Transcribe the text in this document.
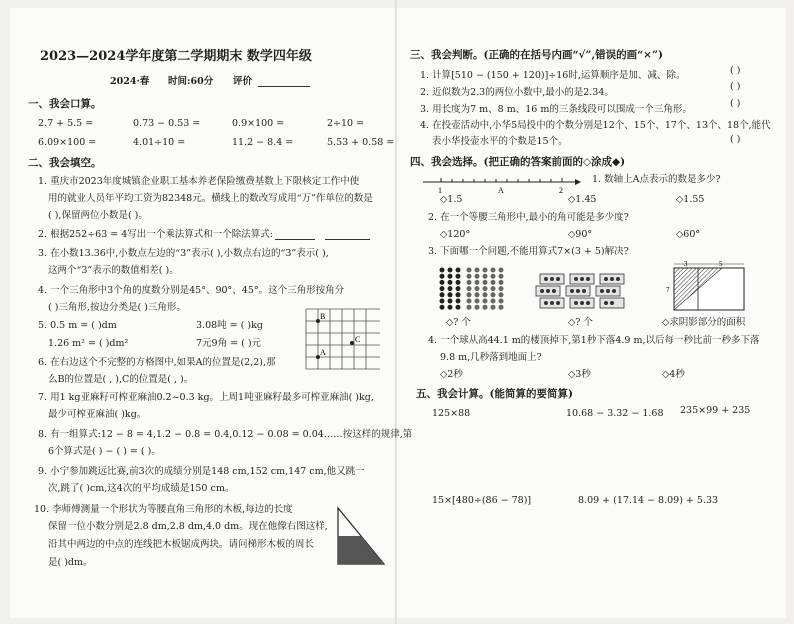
2023—2024学年度第二学期期末 数学四年级
2024·春 时间:60分 评价
一、我会口算。
2.7 + 5.5 =	0.73 − 0.53 =	0.9×100 =	2÷10 =
6.09×100 =	4.01÷10 =	11.2 − 8.4 =	5.53 + 0.58 =
二、我会填空。
1. 重庆市2023年度城镇企业职工基本养老保险缴费基数上下限核定工作中使
用的就业人员年平均工资为82348元。横线上的数改写成用“万”作单位的数是
( ),保留两位小数是( )。
2. 根据252÷63 = 4写出一个乘法算式和一个除法算式:
3. 在小数13.36中,小数点左边的“3”表示( ),小数点右边的“3”表示( ),
这两个“3”表示的数值相差( )。
4. 一个三角形中3个角的度数分别是45°、90°、45°。这个三角形按角分
( )三角形,按边分类是( )三角形。
5. 0.5 m = ( )dm	3.08吨 = ( )kg
1.26 m² = ( )dm²	7元9角 = ( )元
B
A
C
6. 在右边这个不完整的方格图中,如果A的位置是(2,2),那
么B的位置是( , ),C的位置是( , )。
7. 用1 kg亚麻籽可榨亚麻油0.2~0.3 kg。上周1吨亚麻籽最多可榨亚麻油( )kg,
最少可榨亚麻油( )kg。
8. 有一组算式:12 − 8 = 4,1.2 − 0.8 = 0.4,0.12 − 0.08 = 0.04……按这样的规律,第
6个算式是( ) − ( ) = ( )。
9. 小宁参加跳远比赛,前3次的成绩分别是148 cm,152 cm,147 cm,他又跳一
次,跳了( )cm,这4次的平均成绩是150 cm。
10. 李师傅测量一个形状为等腰直角三角形的木板,每边的长度
保留一位小数分别是2.8 dm,2.8 dm,4.0 dm。现在他像右图这样,
沿其中两边的中点的连线把木板锯成两块。请问梯形木板的周长
是( )dm。
三、我会判断。(正确的在括号内画“√”,错误的画“×”)
1. 计算[510 − (150 + 120)]÷16时,运算顺序是加、减、除。	( )
2. 近似数为2.3的两位小数中,最小的是2.34。
( )
3. 用长度为7 m、8 m、16 m的三条线段可以围成一个三角形。
( )
4. 在投壶活动中,小华5局投中的个数分别是12个、15个、17个、13个、18个,能代
表小华投壶水平的个数是15个。	( )
四、我会选择。(把正确的答案前面的◇涂成◆)
1	A	2
1. 数轴上A点表示的数是多少?
◇1.5	◇1.45	◇1.55
2. 在一个等腰三角形中,最小的角可能是多少度?
◇120°	◇90°	◇60°
3. 下面哪一个问题,不能用算式7×(3 + 5)解决?
3	5
7
◇? 个	◇? 个	◇求阴影部分的面积
4. 一个球从高44.1 m的楼顶掉下,第1秒下落4.9 m,以后每一秒比前一秒多下落
9.8 m,几秒落到地面上?
◇2秒	◇3秒	◇4秒
五、我会计算。(能简算的要简算)
125×88	10.68 − 3.32 − 1.68 235×99 + 235
15×[480÷(86 − 78)]	8.09 + (17.14 − 8.09) + 5.33
